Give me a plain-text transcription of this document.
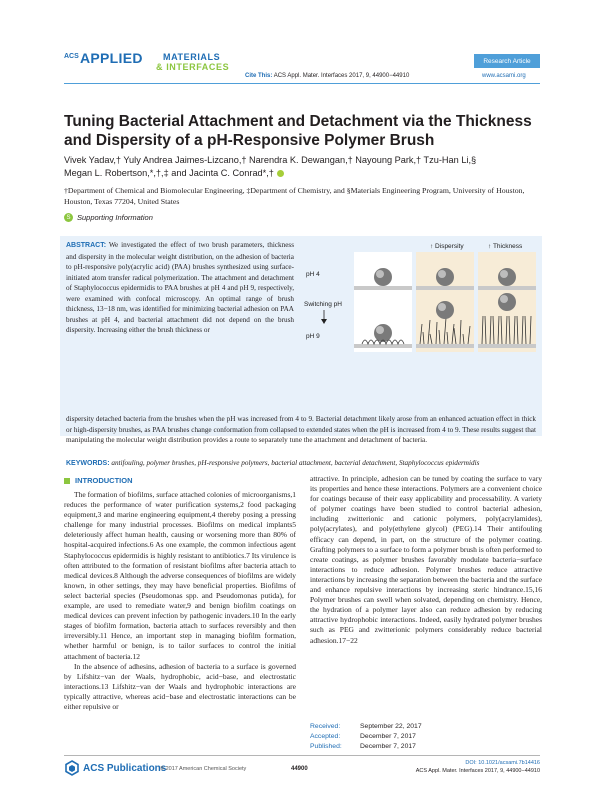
ACS APPLIED MATERIALS
& INTERFACES
Research Article
Cite This: ACS Appl. Mater. Interfaces 2017, 9, 44900−44910	www.acsami.org
Tuning Bacterial Attachment and Detachment via the Thickness and Dispersity of a pH-Responsive Polymer Brush
Vivek Yadav,† Yuly Andrea Jaimes-Lizcano,† Narendra K. Dewangan,† Nayoung Park,† Tzu-Han Li,§
Megan L. Robertson,*,†,‡ and Jacinta C. Conrad*,†
†Department of Chemical and Biomolecular Engineering, ‡Department of Chemistry, and §Materials Engineering Program, University of Houston, Houston, Texas 77204, United States
S Supporting Information
ABSTRACT: We investigated the effect of two brush parameters, thickness and dispersity in the molecular weight distribution, on the adhesion of bacteria to pH-responsive poly(acrylic acid) (PAA) brushes synthesized using surface-initiated atom transfer radical polymerization. The attachment and detachment of Staphylococcus epidermidis to PAA brushes at pH 4 and pH 9, respectively, were examined with confocal microscopy. An optimal range of brush thickness, 13−18 nm, was identified for minimizing bacterial adhesion on PAA brushes at pH 4, and bacterial attachment did not depend on the brush dispersity. Increasing either the brush thickness or
pH 4
Switching pH
pH 9
↑ Dispersity	↑ Thickness
dispersity detached bacteria from the brushes when the pH was increased from 4 to 9. Bacterial detachment likely arose from an enhanced actuation effect in thick or high-dispersity brushes, as PAA brushes change conformation from collapsed to extended states when the pH is increased from 4 to 9. These results suggest that manipulating the molecular weight distribution provides a route to separately tune the attachment and detachment of bacteria.
KEYWORDS: antifouling, polymer brushes, pH-responsive polymers, bacterial attachment, bacterial detachment, Staphylococcus epidermidis
INTRODUCTION

The formation of biofilms, surface attached colonies of microorganisms,1 reduces the performance of water purification systems,2 food packaging equipment,3 and marine engineering equipment,4 thereby posing a pressing challenge for many industrial processes. Biofilms on medical implants5 deleteriously affect human health, causing or worsening more than 80% of hospital-acquired infections.6 As one example, the common infectious agent Staphylococcus epidermidis is highly resistant to antibiotics.7 Its virulence is often attributed to the formation of resistant biofilms after bacteria attach to medical devices.8 Although the adverse consequences of biofilms are widely known, in other settings, they may have beneficial properties. Biofilms of select bacterial species (Pseudomonas spp. and Pseudomonas putida), for example, are used to remediate water,9 and benign biofilm coatings on medical devices can prevent infection by pathogenic invaders.10 In the early stages of biofilm formation, bacteria attach to surfaces reversibly and then irreversibly.11 Hence, an important step in managing biofilm formation, whether harmful or benign, is to tailor surfaces to control the initial attachment of bacteria.12

In the absence of adhesins, adhesion of bacteria to a surface is governed by Lifshitz−van der Waals, hydrophobic, acid−base, and electrostatic interactions.13 Lifshitz−van der Waals and hydrophobic interactions are typically attractive, whereas acid−base and electrostatic interactions can be either repulsive or

attractive. In principle, adhesion can be tuned by coating the surface to vary its properties and hence these interactions. Polymers are a convenient choice for coatings because of their easy applicability and processability. A variety of polymer coatings have been studied to control bacterial adhesion, including zwitterionic and cationic polymers, poly(acrylamides), poly(acrylates), and poly(ethylene glycol) (PEG).14 Their antifouling efficacy can depend, in part, on the structure of the polymer coating. Grafting polymers to a surface to form a polymer brush is often performed to create coatings, as polymer brushes favorably modulate bacteria−surface interactions to reduce adhesion. Polymer brushes reduce attractive interactions by increasing the separation between the bacteria and the surface and enhance repulsive interactions by increasing steric hindrance.15,16 Polymer brushes can swell when solvated, depending on chemistry. Hence, the hydration of a polymer layer also can reduce adhesion by reducing attractive hydrophobic interactions. Indeed, easily hydrated polymer brushes such as PEG and zwitterionic polymers considerably reduce bacterial adhesion.17−22

Received:	September 22, 2017
Accepted:	December 7, 2017
Published:	December 7, 2017
ACS Publications
© 2017 American Chemical Society	44900
DOI: 10.1021/acsami.7b14416
ACS Appl. Mater. Interfaces 2017, 9, 44900−44910
